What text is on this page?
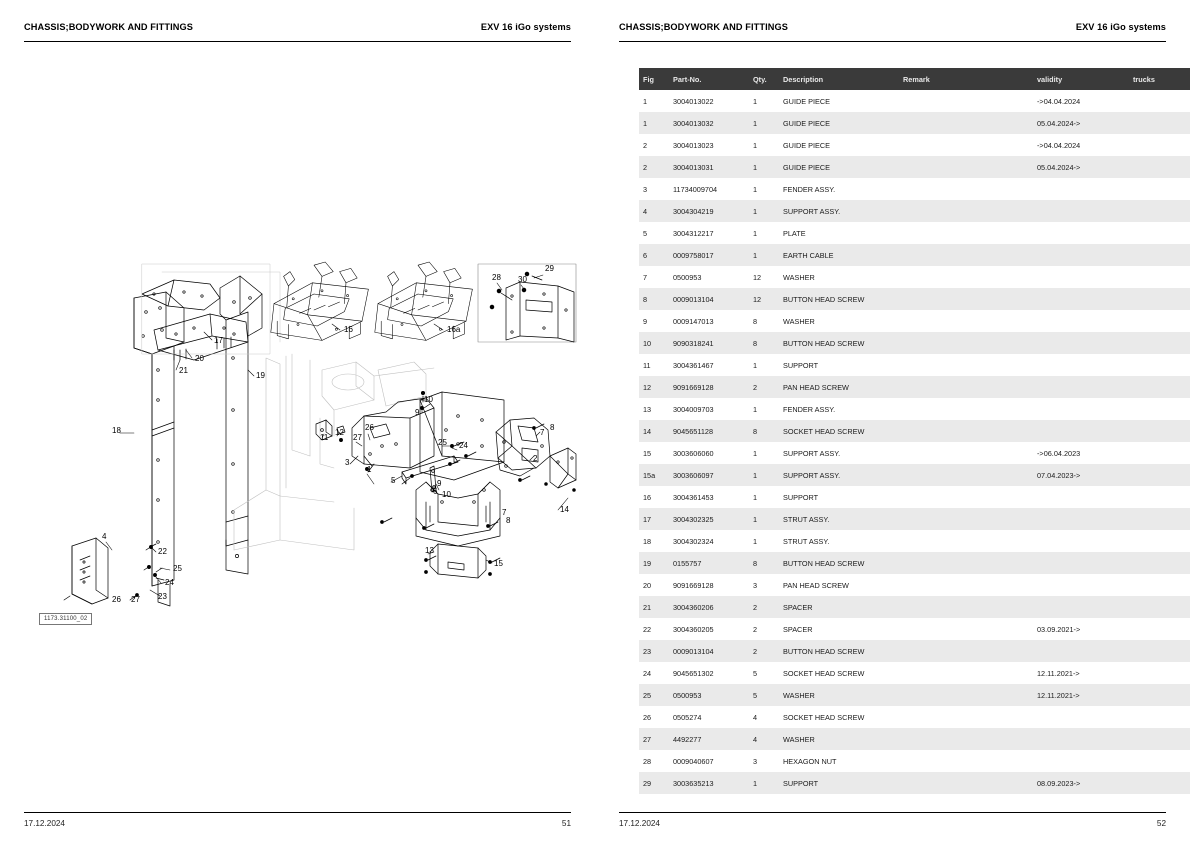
CHASSIS;BODYWORK AND FITTINGS	EXV 16 iGo systems
1
2
3
4
5
6
7
7
8
8
9
9
10
10
11
12
13
14
15
16	16a
17
18
19
20
21
22
23
24
25
26
26
27
27
28
29
30
24
25
1173.31100_02
17.12.2024	51
CHASSIS;BODYWORK AND FITTINGS	EXV 16 iGo systems
Fig	Part-No.	Qty.	Description	Remark	validity	trucks
1	3004013022	1	GUIDE PIECE		->04.04.2024	
1	3004013032	1	GUIDE PIECE		05.04.2024->	
2	3004013023	1	GUIDE PIECE		->04.04.2024	
2	3004013031	1	GUIDE PIECE		05.04.2024->	
3	11734009704	1	FENDER ASSY.			
4	3004304219	1	SUPPORT ASSY.			
5	3004312217	1	PLATE			
6	0009758017	1	EARTH CABLE			
7	0500953	12	WASHER			
8	0009013104	12	BUTTON HEAD SCREW			
9	0009147013	8	WASHER			
10	9090318241	8	BUTTON HEAD SCREW			
11	3004361467	1	SUPPORT			
12	9091669128	2	PAN HEAD SCREW			
13	3004009703	1	FENDER ASSY.			
14	9045651128	8	SOCKET HEAD SCREW			
15	3003606060	1	SUPPORT ASSY.		->06.04.2023	
15a	3003606097	1	SUPPORT ASSY.		07.04.2023->	
16	3004361453	1	SUPPORT			
17	3004302325	1	STRUT ASSY.			
18	3004302324	1	STRUT ASSY.			
19	0155757	8	BUTTON HEAD SCREW			
20	9091669128	3	PAN HEAD SCREW			
21	3004360206	2	SPACER			
22	3004360205	2	SPACER		03.09.2021->	
23	0009013104	2	BUTTON HEAD SCREW			
24	9045651302	5	SOCKET HEAD SCREW		12.11.2021->	
25	0500953	5	WASHER		12.11.2021->	
26	0505274	4	SOCKET HEAD SCREW			
27	4492277	4	WASHER			
28	0009040607	3	HEXAGON NUT			
29	3003635213	1	SUPPORT		08.09.2023->	
17.12.2024	52
